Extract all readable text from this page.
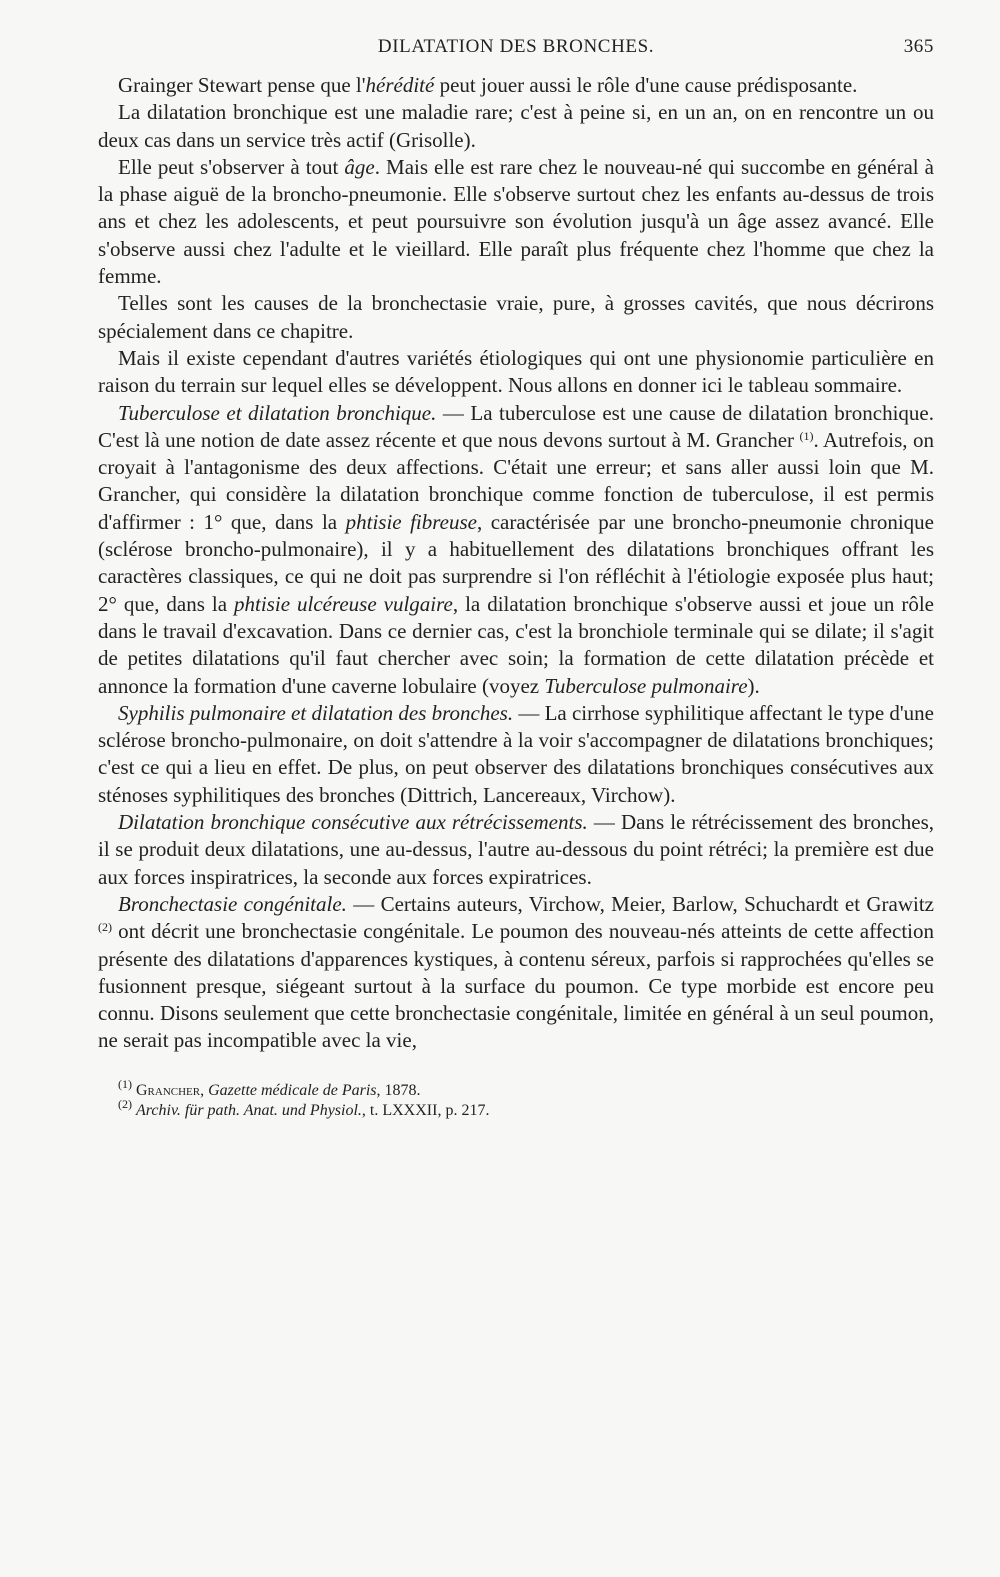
DILATATION DES BRONCHES.	365

Grainger Stewart pense que l'hérédité peut jouer aussi le rôle d'une cause prédisposante.

La dilatation bronchique est une maladie rare; c'est à peine si, en un an, on en rencontre un ou deux cas dans un service très actif (Grisolle).

Elle peut s'observer à tout âge. Mais elle est rare chez le nouveau-né qui succombe en général à la phase aiguë de la broncho-pneumonie. Elle s'observe surtout chez les enfants au-dessus de trois ans et chez les adolescents, et peut poursuivre son évolution jusqu'à un âge assez avancé. Elle s'observe aussi chez l'adulte et le vieillard. Elle paraît plus fréquente chez l'homme que chez la femme.

Telles sont les causes de la bronchectasie vraie, pure, à grosses cavités, que nous décrirons spécialement dans ce chapitre.

Mais il existe cependant d'autres variétés étiologiques qui ont une physionomie particulière en raison du terrain sur lequel elles se développent. Nous allons en donner ici le tableau sommaire.

Tuberculose et dilatation bronchique. — La tuberculose est une cause de dilatation bronchique. C'est là une notion de date assez récente et que nous devons surtout à M. Grancher $^{(1)}$. Autrefois, on croyait à l'antagonisme des deux affections. C'était une erreur; et sans aller aussi loin que M. Grancher, qui considère la dilatation bronchique comme fonction de tuberculose, il est permis d'affirmer : 1° que, dans la phtisie fibreuse, caractérisée par une broncho-pneumonie chronique (sclérose broncho-pulmonaire), il y a habituellement des dilatations bronchiques offrant les caractères classiques, ce qui ne doit pas surprendre si l'on réfléchit à l'étiologie exposée plus haut; 2° que, dans la phtisie ulcéreuse vulgaire, la dilatation bronchique s'observe aussi et joue un rôle dans le travail d'excavation. Dans ce dernier cas, c'est la bronchiole terminale qui se dilate; il s'agit de petites dilatations qu'il faut chercher avec soin; la formation de cette dilatation précède et annonce la formation d'une caverne lobulaire (voyez Tuberculose pulmonaire).

Syphilis pulmonaire et dilatation des bronches. — La cirrhose syphilitique affectant le type d'une sclérose broncho-pulmonaire, on doit s'attendre à la voir s'accompagner de dilatations bronchiques; c'est ce qui a lieu en effet. De plus, on peut observer des dilatations bronchiques consécutives aux sténoses syphilitiques des bronches (Dittrich, Lancereaux, Virchow).

Dilatation bronchique consécutive aux rétrécissements. — Dans le rétrécissement des bronches, il se produit deux dilatations, une au-dessus, l'autre au-dessous du point rétréci; la première est due aux forces inspiratrices, la seconde aux forces expiratrices.

Bronchectasie congénitale. — Certains auteurs, Virchow, Meier, Barlow, Schuchardt et Grawitz $^{(2)}$ ont décrit une bronchectasie congénitale. Le poumon des nouveau-nés atteints de cette affection présente des dilatations d'apparences kystiques, à contenu séreux, parfois si rapprochées qu'elles se fusionnent presque, siégeant surtout à la surface du poumon. Ce type morbide est encore peu connu. Disons seulement que cette bronchectasie congénitale, limitée en général à un seul poumon, ne serait pas incompatible avec la vie,

$^{(1)}$ Grancher, Gazette médicale de Paris, 1878.
$^{(2)}$ Archiv. für path. Anat. und Physiol., t. LXXXII, p. 217.
